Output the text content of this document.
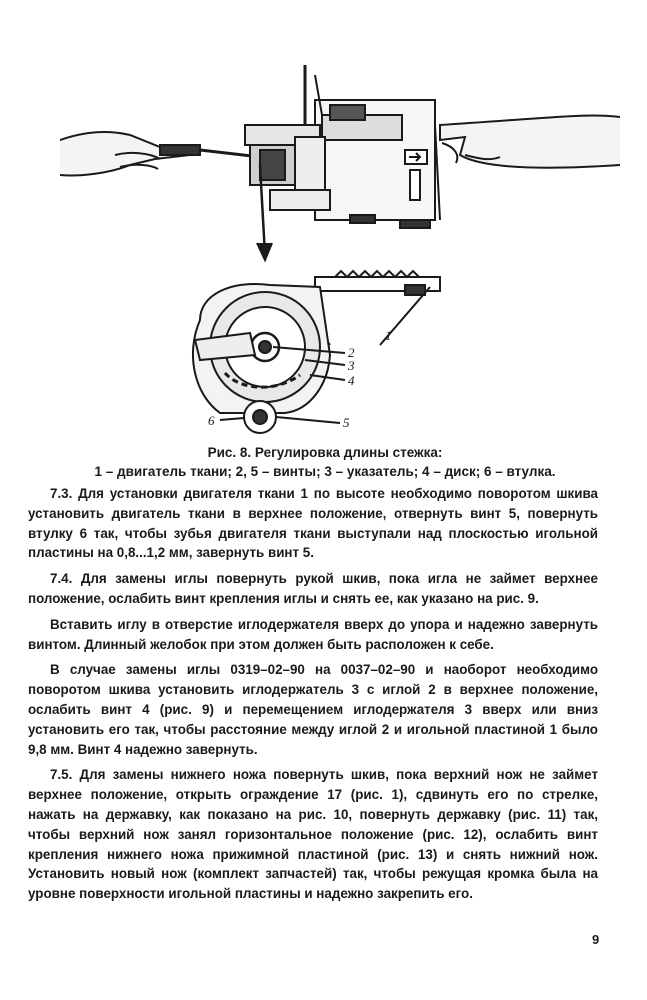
1
2
3
4
5
6
Рис. 8. Регулировка длины стежка:
1 – двигатель ткани; 2, 5 – винты; 3 – указатель; 4 – диск; 6 – втулка.

7.3. Для установки двигателя ткани 1 по высоте необходимо поворотом шкива установить двигатель ткани в верхнее положение, отвернуть винт 5, повернуть втулку 6 так, чтобы зубья двигателя ткани выступали над плоскостью игольной пластины на 0,8...1,2 мм, завернуть винт 5.

7.4. Для замены иглы повернуть рукой шкив, пока игла не займет верхнее положение, ослабить винт крепления иглы и снять ее, как указано на рис. 9.

Вставить иглу в отверстие иглодержателя вверх до упора и надежно завернуть винтом. Длинный желобок при этом должен быть расположен к себе.

В случае замены иглы 0319–02–90 на 0037–02–90 и наоборот необходимо поворотом шкива установить иглодержатель 3 с иглой 2 в верхнее положение, ослабить винт 4 (рис. 9) и перемещением иглодержателя 3 вверх или вниз установить его так, чтобы расстояние между иглой 2 и игольной пластиной 1 было 9,8 мм. Винт 4 надежно завернуть.

7.5. Для замены нижнего ножа повернуть шкив, пока верхний нож не займет верхнее положение, открыть ограждение 17 (рис. 1), сдвинуть его по стрелке, нажать на державку, как показано на рис. 10, повернуть державку (рис. 11) так, чтобы верхний нож занял горизонтальное положение (рис. 12), ослабить винт крепления нижнего ножа прижимной пластиной (рис. 13) и снять нижний нож. Установить новый нож (комплект запчастей) так, чтобы режущая кромка была на уровне поверхности игольной пластины и надежно закрепить его.

9
